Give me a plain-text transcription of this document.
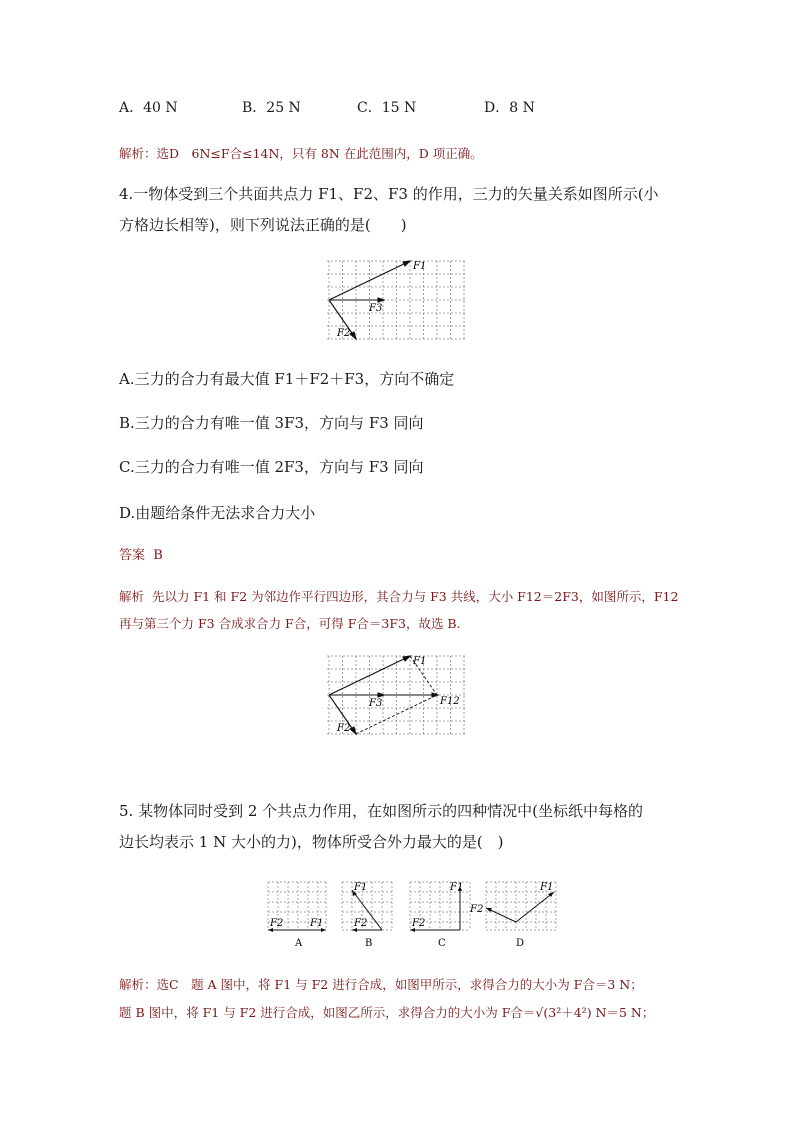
A．40 N	B．25 N	C．15 N	D．8 N
解析：选D　6N≤F合≤14N，只有 8N 在此范围内，D 项正确。
4.一物体受到三个共面共点力 F1、F2、F3 的作用，三力的矢量关系如图所示(小
方格边长相等)，则下列说法正确的是(　　)
F1
F3
F2
A.三力的合力有最大值 F1＋F2＋F3，方向不确定
B.三力的合力有唯一值 3F3，方向与 F3 同向
C.三力的合力有唯一值 2F3，方向与 F3 同向
D.由题给条件无法求合力大小
答案 B
解析 先以力 F1 和 F2 为邻边作平行四边形，其合力与 F3 共线，大小 F12＝2F3，如图所示，F12
再与第三个力 F3 合成求合力 F合，可得 F合＝3F3，故选 B.
F1
F3
F2
F12
5. 某物体同时受到 2 个共点力作用，在如图所示的四种情况中(坐标纸中每格的
边长均表示 1 N 大小的力)，物体所受合外力最大的是(　)
F2	F1
A
F1
F2
B
F1
F2
C
F1
F2
D
解析：选C　题 A 图中，将 F1 与 F2 进行合成，如图甲所示，求得合力的大小为 F合＝3 N；
题 B 图中，将 F1 与 F2 进行合成，如图乙所示，求得合力的大小为 F合＝√(3²＋4²) N＝5 N；
